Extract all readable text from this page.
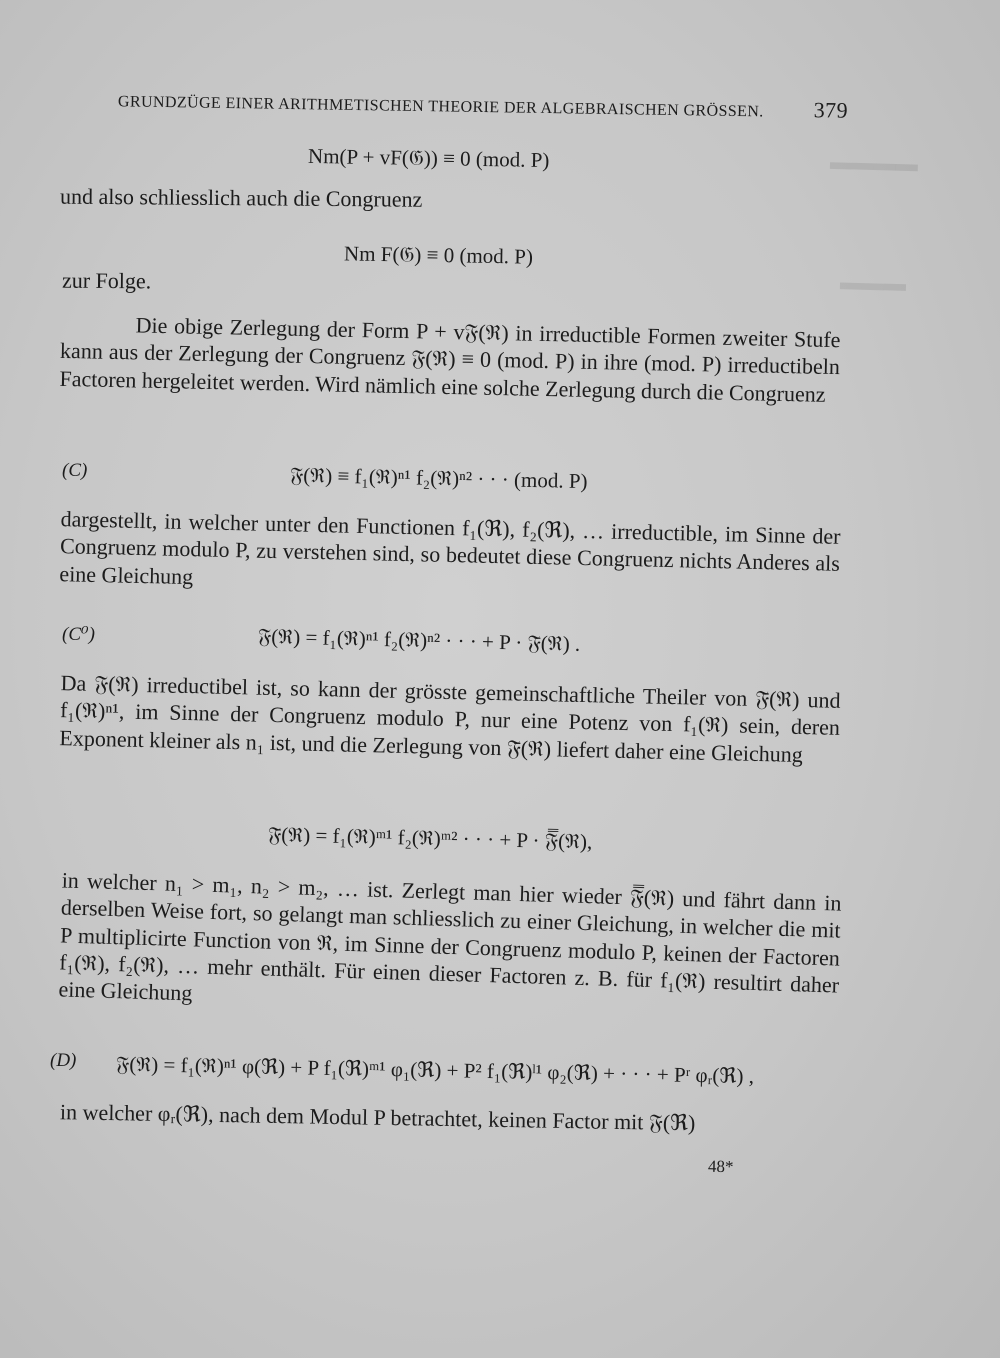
▬▬▬▬
▬▬▬
GRUNDZÜGE EINER ARITHMETISCHEN THEORIE DER ALGEBRAISCHEN GRÖSSEN. 379
Nm(P + vF(𝔊)) ≡ 0 (mod. P)
und also schliesslich auch die Congruenz
Nm F(𝔊) ≡ 0 (mod. P)
zur Folge.
Die obige Zerlegung der Form P + v𝔉(ℜ) in irreductible Formen zweiter Stufe kann aus der Zerlegung der Congruenz 𝔉(ℜ) ≡ 0 (mod. P) in ihre (mod. P) irreductibeln Factoren hergeleitet werden. Wird nämlich eine solche Zerlegung durch die Congruenz
(C)	𝔉(ℜ) ≡ f₁(ℜ)ⁿ¹ f₂(ℜ)ⁿ² · · · (mod. P)
dargestellt, in welcher unter den Functionen f₁(ℜ), f₂(ℜ), … irreductible, im Sinne der Congruenz modulo P, zu verstehen sind, so bedeutet diese Congruenz nichts Anderes als eine Gleichung
(C⁰)	𝔉(ℜ) = f₁(ℜ)ⁿ¹ f₂(ℜ)ⁿ² · · · + P · 𝔉̄(ℜ) .
Da 𝔉(ℜ) irreductibel ist, so kann der grösste gemeinschaftliche Theiler von 𝔉̄(ℜ) und f₁(ℜ)ⁿ¹, im Sinne der Congruenz modulo P, nur eine Potenz von f₁(ℜ) sein, deren Exponent kleiner als n₁ ist, und die Zerlegung von 𝔉̄(ℜ) liefert daher eine Gleichung
𝔉̄(ℜ) = f₁(ℜ)ᵐ¹ f₂(ℜ)ᵐ² · · · + P · 𝔉̿(ℜ),
in welcher n₁ > m₁, n₂ > m₂, … ist. Zerlegt man hier wieder 𝔉̿(ℜ) und fährt dann in derselben Weise fort, so gelangt man schliesslich zu einer Gleichung, in welcher die mit P multiplicirte Function von ℜ, im Sinne der Congruenz modulo P, keinen der Factoren f₁(ℜ), f₂(ℜ), … mehr enthält. Für einen dieser Factoren z. B. für f₁(ℜ) resultirt daher eine Gleichung
(D) 𝔉(ℜ) = f₁(ℜ)ⁿ¹ φ(ℜ) + P f₁(ℜ)ᵐ¹ φ₁(ℜ) + P² f₁(ℜ)ˡ¹ φ₂(ℜ) + · · · + Pʳ φᵣ(ℜ) ,
in welcher φᵣ(ℜ), nach dem Modul P betrachtet, keinen Factor mit 𝔉(ℜ)
48*
